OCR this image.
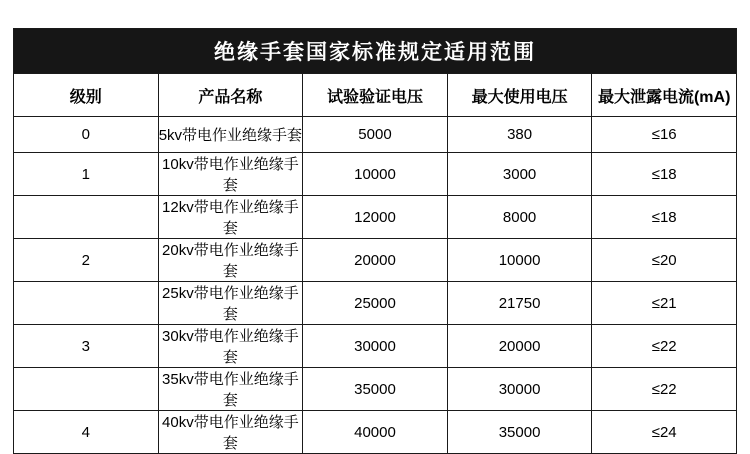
绝缘手套国家标准规定适用范围				
级别	产品名称	试验验证电压	最大使用电压	最大泄露电流(mA)
0	5kv带电作业绝缘手套	5000	380	≤16
1	10kv带电作业绝缘手套	10000	3000	≤18
	12kv带电作业绝缘手套	12000	8000	≤18
2	20kv带电作业绝缘手套	20000	10000	≤20
	25kv带电作业绝缘手套	25000	21750	≤21
3	30kv带电作业绝缘手套	30000	20000	≤22
	35kv带电作业绝缘手套	35000	30000	≤22
4	40kv带电作业绝缘手套	40000	35000	≤24
